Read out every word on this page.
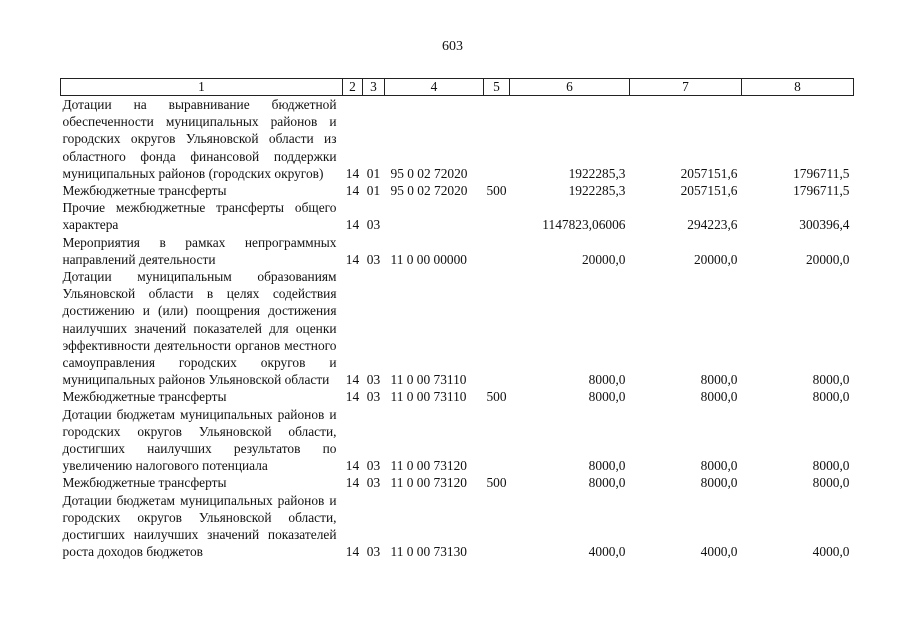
603
1	2	3	4	5	6	7	8
Дотации на выравнивание бюджетной обеспеченности муниципальных районов и городских округов Ульяновской области из областного фонда финансовой поддержки муниципальных районов (городских округов)	14	01	95 0 02 72020		1922285,3	2057151,6	1796711,5
Межбюджетные трансферты	14	01	95 0 02 72020	500	1922285,3	2057151,6	1796711,5
Прочие межбюджетные трансферты общего характера	14	03			1147823,06006	294223,6	300396,4
Мероприятия в рамках непрограммных направлений деятельности	14	03	11 0 00 00000		20000,0	20000,0	20000,0
Дотации муниципальным образованиям Ульяновской области в целях содействия достижению и (или) поощрения достижения наилучших значений показателей для оценки эффективности деятельности органов местного самоуправления городских округов и муниципальных районов Ульяновской области	14	03	11 0 00 73110		8000,0	8000,0	8000,0
Межбюджетные трансферты	14	03	11 0 00 73110	500	8000,0	8000,0	8000,0
Дотации бюджетам муниципальных районов и городских округов Ульяновской области, достигших наилучших результатов по увеличению налогового потенциала	14	03	11 0 00 73120		8000,0	8000,0	8000,0
Межбюджетные трансферты	14	03	11 0 00 73120	500	8000,0	8000,0	8000,0
Дотации бюджетам муниципальных районов и городских округов Ульяновской области, достигших наилучших значений показателей роста доходов бюджетов	14	03	11 0 00 73130		4000,0	4000,0	4000,0
